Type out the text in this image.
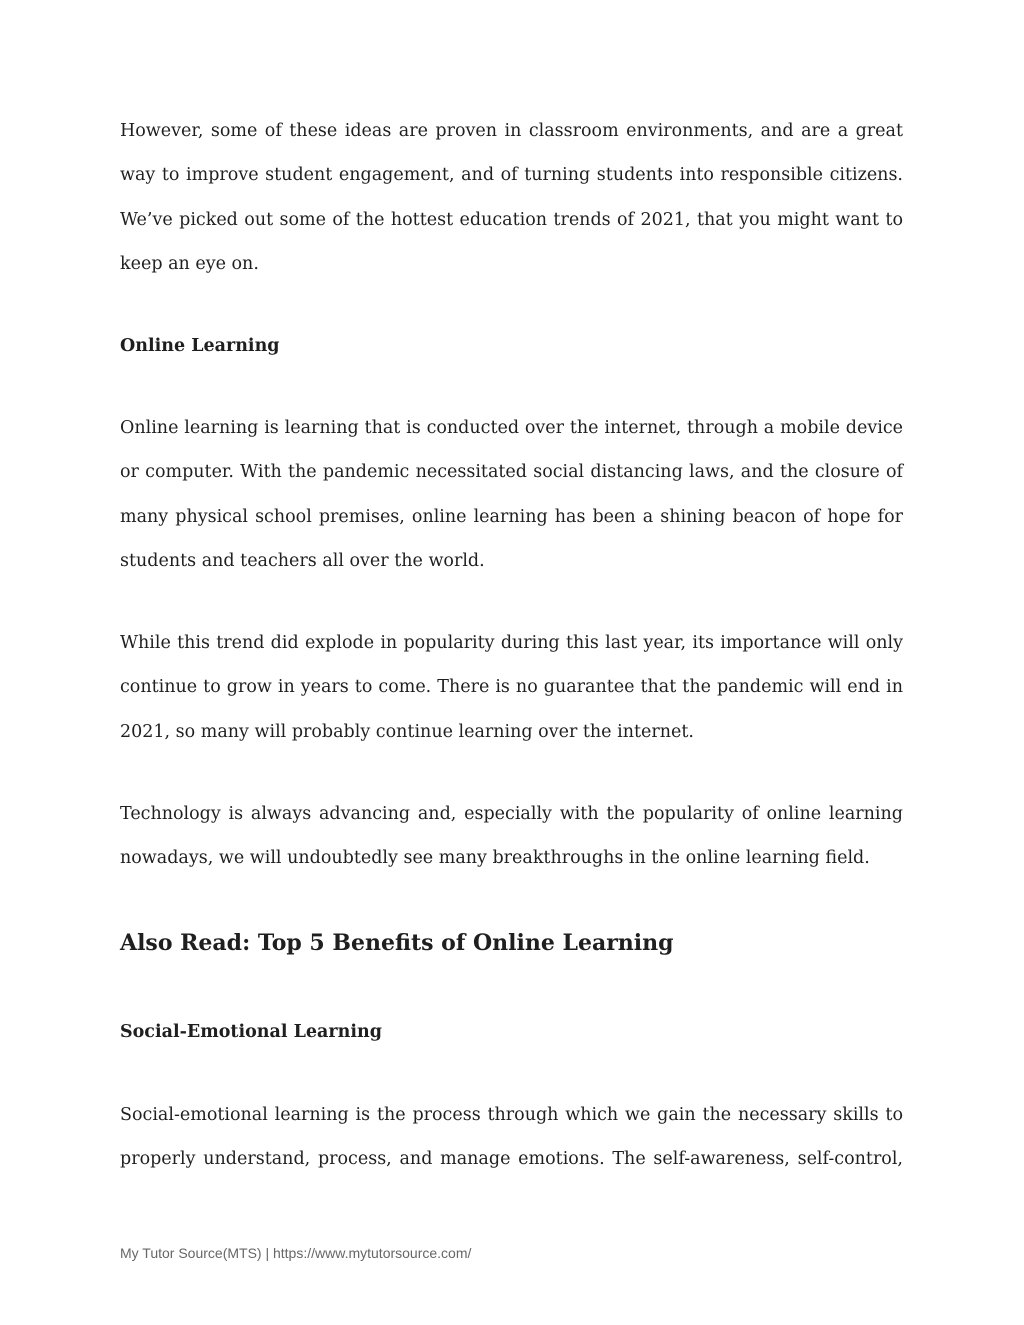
However, some of these ideas are proven in classroom environments, and are a great way to improve student engagement, and of turning students into responsible citizens. We’ve picked out some of the hottest education trends of 2021, that you might want to keep an eye on.

Online Learning

Online learning is learning that is conducted over the internet, through a mobile device or computer. With the pandemic necessitated social distancing laws, and the closure of many physical school premises, online learning has been a shining beacon of hope for students and teachers all over the world.

While this trend did explode in popularity during this last year, its importance will only continue to grow in years to come. There is no guarantee that the pandemic will end in 2021, so many will probably continue learning over the internet.

Technology is always advancing and, especially with the popularity of online learning nowadays, we will undoubtedly see many breakthroughs in the online learning field.

Also Read: Top 5 Benefits of Online Learning
Social-Emotional Learning

Social-emotional learning is the process through which we gain the necessary skills to properly understand, process, and manage emotions. The self-awareness, self-control,

My Tutor Source(MTS) | https://www.mytutorsource.com/
